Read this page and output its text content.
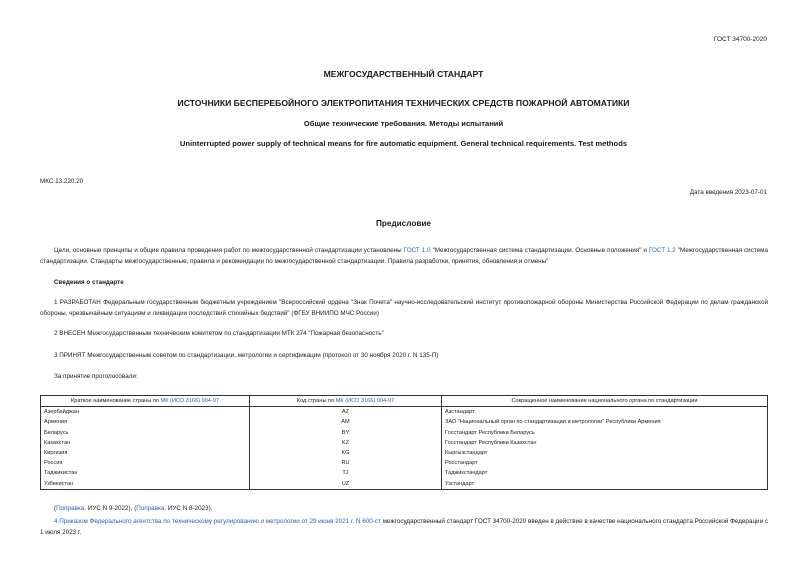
ГОСТ 34700-2020
МЕЖГОСУДАРСТВЕННЫЙ СТАНДАРТ
ИСТОЧНИКИ БЕСПЕРЕБОЙНОГО ЭЛЕКТРОПИТАНИЯ ТЕХНИЧЕСКИХ СРЕДСТВ ПОЖАРНОЙ АВТОМАТИКИ
Общие технические требования. Методы испытаний
Uninterrupted power supply of technical means for fire automatic equipment. General technical requirements. Test methods
МКС 13.220.20
Дата введения 2023-07-01
Предисловие
Цели, основные принципы и общие правила проведения работ по межгосударственной стандартизации установлены ГОСТ 1.0 "Межгосударственная система стандартизации. Основные положения" и ГОСТ 1.2 "Межгосударственная система стандартизации. Стандарты межгосударственные, правила и рекомендации по межгосударственной стандартизации. Правила разработки, принятия, обновления и отмены"
Сведения о стандарте
1 РАЗРАБОТАН Федеральным государственным бюджетным учреждением "Всероссийский ордена "Знак Почета" научно-исследовательский институт противопожарной обороны Министерства Российской Федерации по делам гражданской обороны, чрезвычайным ситуациям и ликвидации последствий стихийных бедствий" (ФГБУ ВНИИПО МЧС России)
2 ВНЕСЕН Межгосударственным техническим комитетом по стандартизации МТК 274 "Пожарная безопасность"
3 ПРИНЯТ Межгосударственным советом по стандартизации, метрологии и сертификации (протокол от 30 ноября 2020 г. N 135-П)
За принятие проголосовали:
Краткое наименование страны по МК (ИСО 3166) 004-97	Код страны по МК (ИСО 3166) 004-97	Сокращенное наименование национального органа по стандартизации
Азербайджан	AZ	Азстандарт
Армения	AM	ЗАО "Национальный орган по стандартизации и метрологии" Республики Армения
Беларусь	BY	Госстандарт Республики Беларусь
Казахстан	KZ	Госстандарт Республики Казахстан
Киргизия	KG	Кыргызстандарт
Россия	RU	Росстандарт
Таджикистан	TJ	Таджикстандарт
Узбекистан	UZ	Узстандарт
(Поправка. ИУС N 9-2022), (Поправка. ИУС N 8-2023).
4 Приказом Федерального агентства по техническому регулированию и метрологии от 29 июня 2021 г. N 600-ст межгосударственный стандарт ГОСТ 34700-2020 введен в действие в качестве национального стандарта Российской Федерации с 1 июля 2023 г.
